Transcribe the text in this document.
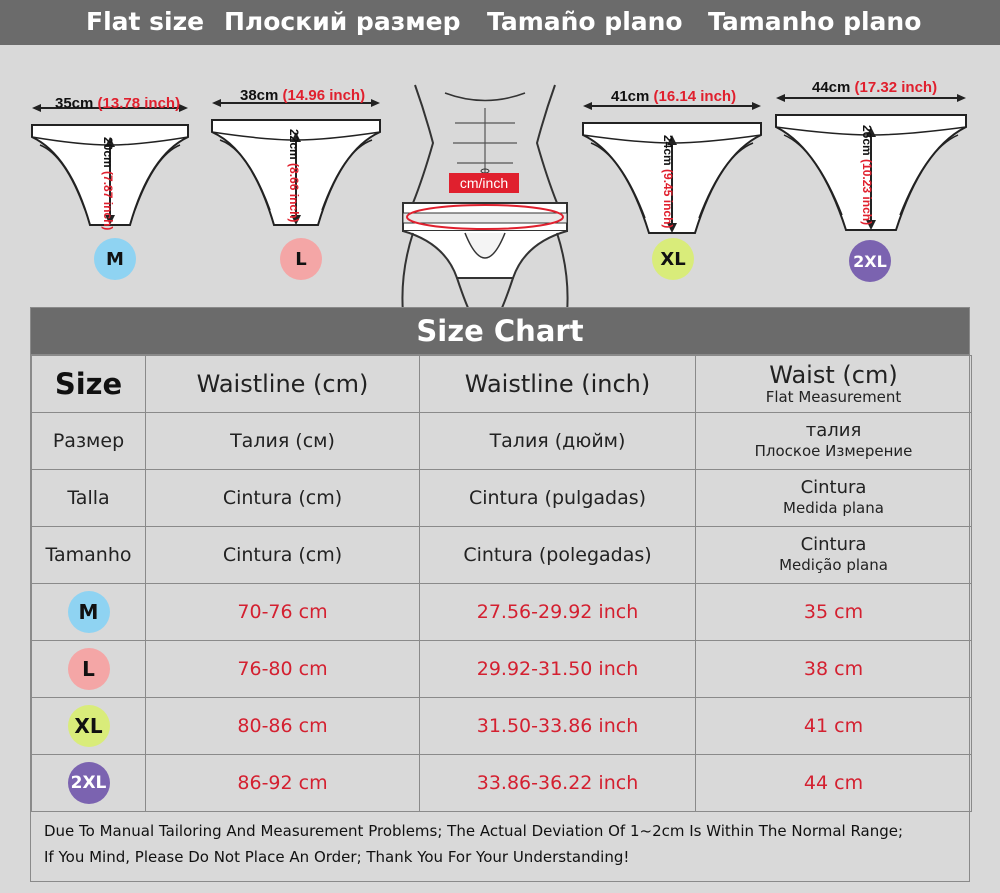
Flat size Плоский размер Tamaño plano Tamanho plano
35cm (13.78 inch)
20cm (7.87 inch)
M
38cm (14.96 inch)
22cm (8.66 inch)
L
cm/inch
41cm (16.14 inch)
24cm (9.45 inch)
XL
44cm (17.32 inch)
26cm (10.23 inch)
2XL
Size Chart
Size	Waistline (cm)	Waistline (inch)	Waist (cm)
Flat Measurement

Размер	Талия (см)	Талия (дюйм)	талия
Плоское Измерение

Talla	Cintura (cm)	Cintura (pulgadas)	Cintura
Medida plana

Tamanho	Cintura (cm)	Cintura (polegadas)	Cintura
Medição plana

M	70-76 cm	27.56-29.92 inch	35 cm
L	76-80 cm	29.92-31.50 inch	38 cm
XL	80-86 cm	31.50-33.86 inch	41 cm
2XL	86-92 cm	33.86-36.22 inch	44 cm
Due To Manual Tailoring And Measurement Problems; The Actual Deviation Of 1~2cm Is Within The Normal Range;
If You Mind, Please Do Not Place An Order; Thank You For Your Understanding!
